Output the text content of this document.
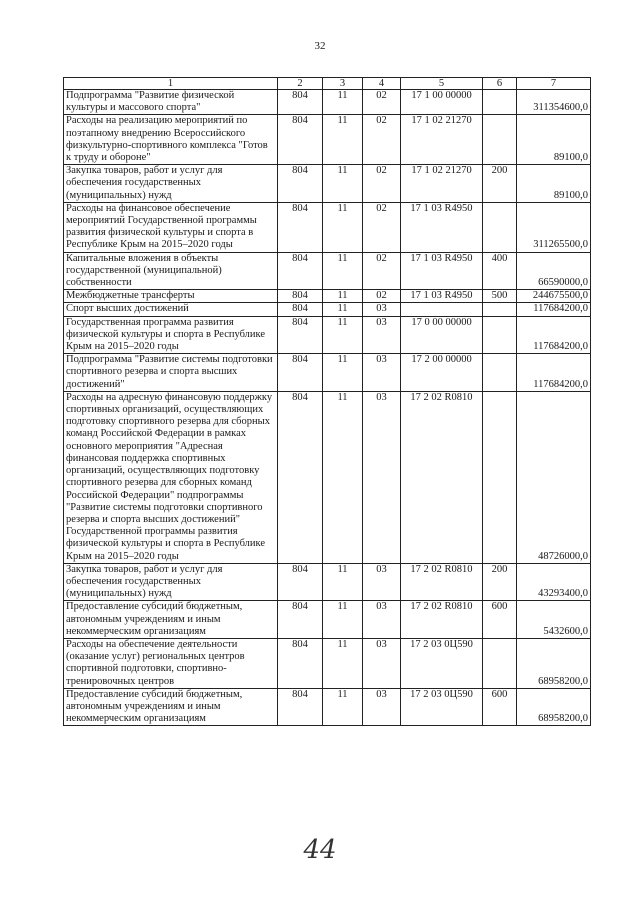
32
1	2	3	4	5	6	7
Подпрограмма "Развитие физической культуры и массового спорта"	804	11	02	17 1 00 00000		311354600,0
Расходы на реализацию мероприятий по поэтапному внедрению Всероссийского физкультурно-спортивного комплекса "Готов к труду и обороне"	804	11	02	17 1 02 21270		89100,0
Закупка товаров, работ и услуг для обеспечения государственных (муниципальных) нужд	804	11	02	17 1 02 21270	200	89100,0
Расходы на финансовое обеспечение мероприятий Государственной программы развития физической культуры и спорта в Республике Крым на 2015–2020 годы	804	11	02	17 1 03 R4950		311265500,0
Капитальные вложения в объекты государственной (муниципальной) собственности	804	11	02	17 1 03 R4950	400	66590000,0
Межбюджетные трансферты	804	11	02	17 1 03 R4950	500	244675500,0
Спорт высших достижений	804	11	03			117684200,0
Государственная программа развития физической культуры и спорта в Республике Крым на 2015–2020 годы	804	11	03	17 0 00 00000		117684200,0
Подпрограмма "Развитие системы подготовки спортивного резерва и спорта высших достижений"	804	11	03	17 2 00 00000		117684200,0
Расходы на адресную финансовую поддержку спортивных организаций, осуществляющих подготовку спортивного резерва для сборных команд Российской Федерации в рамках основного мероприятия "Адресная финансовая поддержка спортивных организаций, осуществляющих подготовку спортивного резерва для сборных команд Российской Федерации" подпрограммы "Развитие системы подготовки спортивного резерва и спорта высших достижений" Государственной программы развития физической культуры и спорта в Республике Крым на 2015–2020 годы	804	11	03	17 2 02 R0810		48726000,0
Закупка товаров, работ и услуг для обеспечения государственных (муниципальных) нужд	804	11	03	17 2 02 R0810	200	43293400,0
Предоставление субсидий бюджетным, автономным учреждениям и иным некоммерческим организациям	804	11	03	17 2 02 R0810	600	5432600,0
Расходы на обеспечение деятельности (оказание услуг) региональных центров спортивной подготовки, спортивно-тренировочных центров	804	11	03	17 2 03 0Ц590		68958200,0
Предоставление субсидий бюджетным, автономным учреждениям и иным некоммерческим организациям	804	11	03	17 2 03 0Ц590	600	68958200,0
44
